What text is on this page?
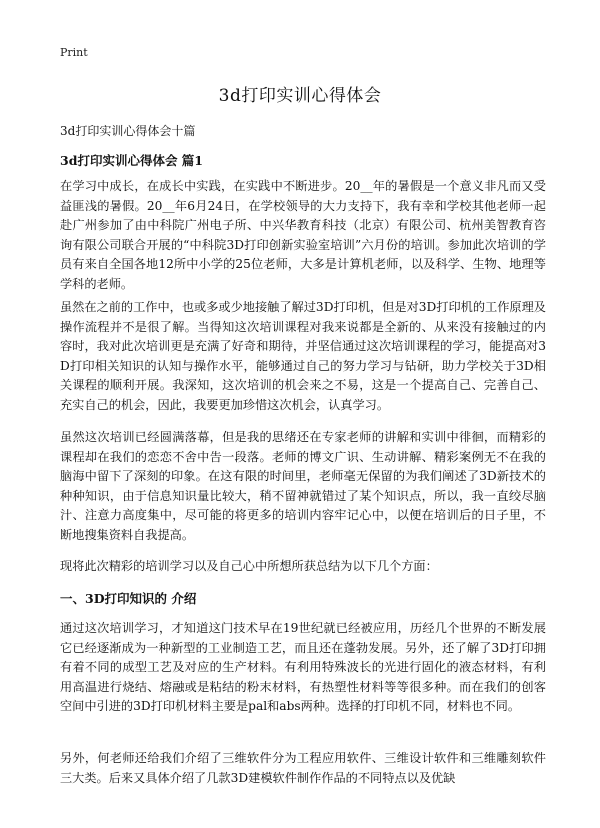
Print
3d打印实训心得体会

3d打印实训心得体会十篇

3d打印实训心得体会 篇1

在学习中成长，在成长中实践，在实践中不断进步。20__年的暑假是一个意义非凡而又受益匪浅的暑假。20__年6月24日，在学校领导的大力支持下，我有幸和学校其他老师一起赴广州参加了由中科院广州电子所、中兴华教育科技（北京）有限公司、杭州美智教育咨询有限公司联合开展的“中科院3D打印创新实验室培训”六月份的培训。参加此次培训的学员有来自全国各地12所中小学的25位老师，大多是计算机老师，以及科学、生物、地理等学科的老师。

虽然在之前的工作中，也或多或少地接触了解过3D打印机，但是对3D打印机的工作原理及操作流程并不是很了解。当得知这次培训课程对我来说都是全新的、从来没有接触过的内容时，我对此次培训更是充满了好奇和期待，并坚信通过这次培训课程的学习，能提高对3D打印相关知识的认知与操作水平，能够通过自己的努力学习与钻研，助力学校关于3D相关课程的顺利开展。我深知，这次培训的机会来之不易，这是一个提高自己、完善自己、充实自己的机会，因此，我要更加珍惜这次机会，认真学习。

虽然这次培训已经圆满落幕，但是我的思绪还在专家老师的讲解和实训中徘徊，而精彩的课程却在我们的恋恋不舍中告一段落。老师的博文广识、生动讲解、精彩案例无不在我的脑海中留下了深刻的印象。在这有限的时间里，老师毫无保留的为我们阐述了3D新技术的种种知识，由于信息知识量比较大，稍不留神就错过了某个知识点，所以，我一直绞尽脑汁、注意力高度集中，尽可能的将更多的培训内容牢记心中，以便在培训后的日子里，不断地搜集资料自我提高。

现将此次精彩的培训学习以及自己心中所想所获总结为以下几个方面：

一、3D打印知识的 介绍

通过这次培训学习，才知道这门技术早在19世纪就已经被应用，历经几个世界的不断发展它已经逐渐成为一种新型的工业制造工艺，而且还在蓬勃发展。另外，还了解了3D打印拥有着不同的成型工艺及对应的生产材料。有利用特殊波长的光进行固化的液态材料，有利用高温进行烧结、熔融或是粘结的粉末材料，有热塑性材料等等很多种。而在我们的创客空间中引进的3D打印机材料主要是pal和abs两种。选择的打印机不同，材料也不同。

另外，何老师还给我们介绍了三维软件分为工程应用软件、三维设计软件和三维雕刻软件三大类。后来又具体介绍了几款3D建模软件制作作品的不同特点以及优缺
